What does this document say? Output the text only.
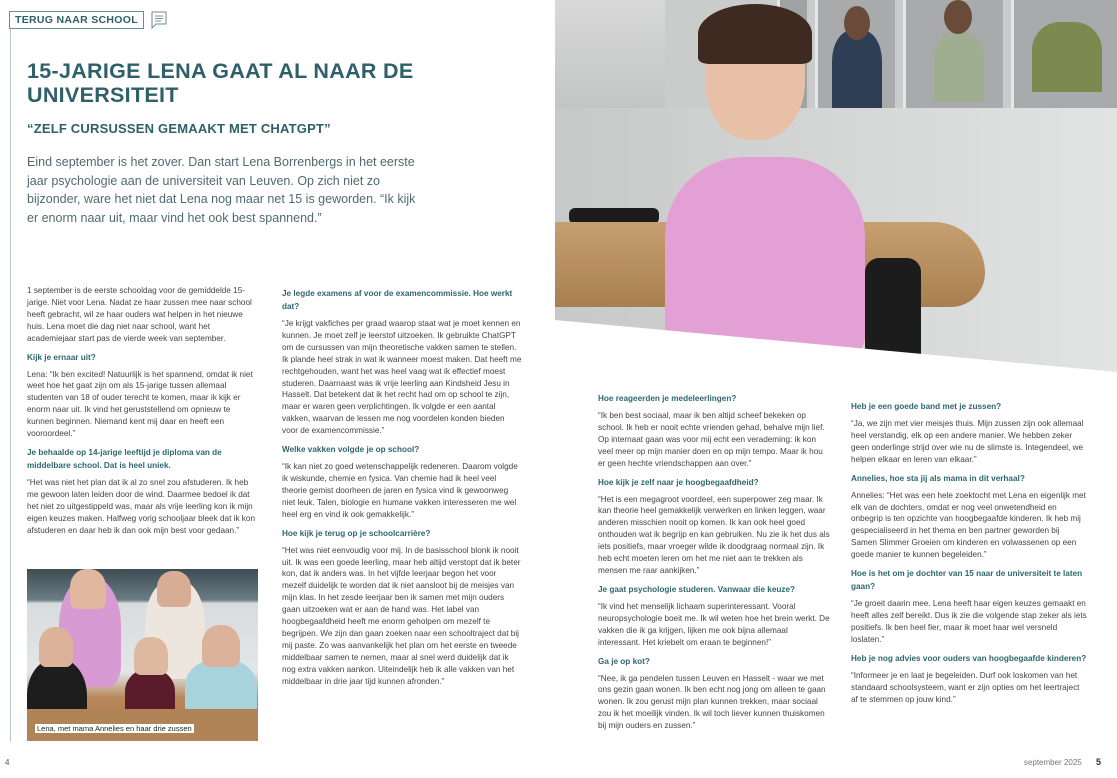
TERUG NAAR SCHOOL
15-JARIGE LENA GAAT AL NAAR DE UNIVERSITEIT
“ZELF CURSUSSEN GEMAAKT MET CHATGPT”

Eind september is het zover. Dan start Lena Borrenbergs in het eerste jaar psychologie aan de universiteit van Leuven. Op zich niet zo bijzonder, ware het niet dat Lena nog maar net 15 is geworden. “Ik kijk er enorm naar uit, maar vind het ook best spannend.”

1 september is de eerste schooldag voor de gemiddelde 15-jarige. Niet voor Lena. Nadat ze haar zussen mee naar school heeft gebracht, wil ze haar ouders wat helpen in het nieuwe huis. Lena moet die dag niet naar school, want het academiejaar start pas de vierde week van september.

Kijk je ernaar uit?

Lena: “Ik ben excited! Natuurlijk is het spannend, omdat ik niet weet hoe het gaat zijn om als 15-jarige tussen allemaal studenten van 18 of ouder terecht te komen, maar ik kijk er enorm naar uit. Ik vind het geruststellend om opnieuw te kunnen beginnen. Niemand kent mij daar en heeft een vooroordeel.”

Je behaalde op 14-jarige leeftijd je diploma van de middelbare school. Dat is heel uniek.

“Het was niet het plan dat ik al zo snel zou afstuderen. Ik heb me gewoon laten leiden door de wind. Daarmee bedoel ik dat het niet zo uitgestippeld was, maar als vrije leerling kon ik mijn eigen keuzes maken. Halfweg vorig schooljaar bleek dat ik kon afstuderen en daar heb ik dan ook mijn best voor gedaan.”

Lena, met mama Annelies en haar drie zussen
Je legde examens af voor de examencommissie. Hoe werkt dat?

“Je krijgt vakfiches per graad waarop staat wat je moet kennen en kunnen. Je moet zelf je leerstof uitzoeken. Ik gebruikte ChatGPT om de cursussen van mijn theoretische vakken samen te stellen. Ik plande heel strak in wat ik wanneer moest maken. Dat heeft me rechtgehouden, want het was heel vaag wat ik effectief moest studeren. Daarnaast was ik vrije leerling aan Kindsheid Jesu in Hasselt. Dat betekent dat ik het recht had om op school te zijn, maar er waren geen verplichtingen. Ik volgde er een aantal vakken, waarvan de lessen me nog voordelen konden bieden voor de examencommissie.”

Welke vakken volgde je op school?

“Ik kan niet zo goed wetenschappelijk redeneren. Daarom volgde ik wiskunde, chemie en fysica. Van chemie had ik heel veel theorie gemist doorheen de jaren en fysica vind ik gewoonweg niet leuk. Talen, biologie en humane vakken interesseren me wel heel erg en vind ik ook gemakkelijk.”

Hoe kijk je terug op je schoolcarrière?

“Het was niet eenvoudig voor mij. In de basisschool blonk ik nooit uit. Ik was een goede leerling, maar heb altijd verstopt dat ik beter kon, dat ik anders was. In het vijfde leerjaar begon het voor mezelf duidelijk te worden dat ik niet aansloot bij de meisjes van mijn klas. In het zesde leerjaar ben ik samen met mijn ouders gaan uitzoeken wat er aan de hand was. Het label van hoogbegaafdheid heeft me enorm geholpen om mezelf te begrijpen. We zijn dan gaan zoeken naar een schooltraject dat bij mij paste. Zo was aanvankelijk het plan om het eerste en tweede middelbaar samen te nemen, maar al snel werd duidelijk dat ik nog extra vakken aankon. Uiteindelijk heb ik alle vakken van het middelbaar in drie jaar tijd kunnen afronden.”

4	september 2025 5
Hoe reageerden je medeleerlingen?

“Ik ben best sociaal, maar ik ben altijd scheef bekeken op school. Ik heb er nooit echte vrienden gehad, behalve mijn lief. Op internaat gaan was voor mij echt een verademing: ik kon veel meer op mijn manier doen en op mijn tempo. Maar ik hou er geen hechte vriendschappen aan over.”

Hoe kijk je zelf naar je hoogbegaafdheid?

“Het is een megagroot voordeel, een superpower zeg maar. Ik kan theorie heel gemakkelijk verwerken en linken leggen, waar anderen misschien nooit op komen. Ik kan ook heel goed onthouden wat ik begrijp en kan gebruiken. Nu zie ik het dus als iets positiefs, maar vroeger wilde ik doodgraag normaal zijn. Ik heb echt moeten leren om het me niet aan te trekken als mensen me raar aankijken.”

Je gaat psychologie studeren. Vanwaar die keuze?

“Ik vind het menselijk lichaam superinteressant. Vooral neuropsychologie boeit me. Ik wil weten hoe het brein werkt. De vakken die ik ga krijgen, lijken me ook bijna allemaal interessant. Het kriebelt om eraan te beginnen!”

Ga je op kot?

“Nee, ik ga pendelen tussen Leuven en Hasselt - waar we met ons gezin gaan wonen. Ik ben echt nog jong om alleen te gaan wonen. Ik zou gerust mijn plan kunnen trekken, maar sociaal zou ik het moeilijk vinden. Ik wil toch liever kunnen thuiskomen bij mijn ouders en zussen.”

Heb je een goede band met je zussen?

“Ja, we zijn met vier meisjes thuis. Mijn zussen zijn ook allemaal heel verstandig, elk op een andere manier. We hebben zeker geen onderlinge strijd over wie nu de slimste is. Integendeel, we helpen elkaar en leren van elkaar.”

Annelies, hoe sta jij als mama in dit verhaal?

Annelies: “Het was een hele zoektocht met Lena en eigenlijk met elk van de dochters, omdat er nog veel onwetendheid en onbegrip is ten opzichte van hoogbegaafde kinderen. Ik heb mij gespecialiseerd in het thema en ben partner geworden bij Samen Slimmer Groeien om kinderen en volwassenen op een goede manier te kunnen begeleiden.”

Hoe is het om je dochter van 15 naar de universiteit te laten gaan?

“Je groeit daarin mee. Lena heeft haar eigen keuzes gemaakt en heeft alles zelf bereikt. Dus ik zie die volgende stap zeker als iets positiefs. Ik ben heel fier, maar ik moet haar wel versneld loslaten.”

Heb je nog advies voor ouders van hoogbegaafde kinderen?

“Informeer je en laat je begeleiden. Durf ook loskomen van het standaard schoolsysteem, want er zijn opties om het leertraject af te stemmen op jouw kind.”
